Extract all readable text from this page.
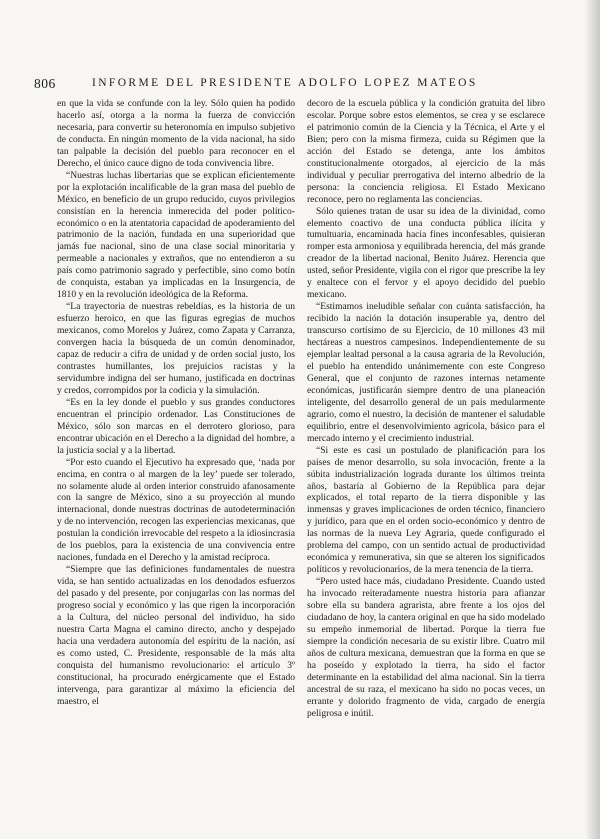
806	INFORME DEL PRESIDENTE ADOLFO LOPEZ MATEOS

en que la vida se confunde con la ley. Sólo quien ha podido hacerlo así, otorga a la norma la fuerza de convicción necesaria, para convertir su heteronomía en impulso subjetivo de conducta. En ningún momento de la vida nacional, ha sido tan palpable la decisión del pueblo para reconocer en el Derecho, el único cauce digno de toda convivencia libre.

“Nuestras luchas libertarias que se explican eficientemente por la explotación incalificable de la gran masa del pueblo de México, en beneficio de un grupo reducido, cuyos privilegios consistían en la herencia inmerecida del poder político-económico o en la atentatoria capacidad de apoderamiento del patrimonio de la nación, fundada en una superioridad que jamás fue nacional, sino de una clase social minoritaria y permeable a nacionales y extraños, que no entendieron a su país como patrimonio sagrado y perfectible, sino como botín de conquista, estaban ya implicadas en la Insurgencia, de 1810 y en la revolución ideológica de la Reforma.

“La trayectoria de nuestras rebeldías, es la historia de un esfuerzo heroico, en que las figuras egregias de muchos mexicanos, como Morelos y Juárez, como Zapata y Carranza, convergen hacia la búsqueda de un común denominador, capaz de reducir a cifra de unidad y de orden social justo, los contrastes humillantes, los prejuicios racistas y la servidumbre indigna del ser humano, justificada en doctrinas y credos, corrompidos por la codicia y la simulación.

“Es en la ley donde el pueblo y sus grandes conductores encuentran el principio ordenador. Las Constituciones de México, sólo son marcas en el derrotero glorioso, para encontrar ubicación en el Derecho a la dignidad del hombre, a la justicia social y a la libertad.

“Por esto cuando el Ejecutivo ha expresado que, ‘nada por encima, en contra o al margen de la ley’ puede ser tolerado, no solamente alude al orden interior construido afanosamente con la sangre de México, sino a su proyección al mundo internacional, donde nuestras doctrinas de autodeterminación y de no intervención, recogen las experiencias mexicanas, que postulan la condición irrevocable del respeto a la idiosincrasia de los pueblos, para la existencia de una convivencia entre naciones, fundada en el Derecho y la amistad recíproca.

“Siempre que las definiciones fundamentales de nuestra vida, se han sentido actualizadas en los denodados esfuerzos del pasado y del presente, por conjugarlas con las normas del progreso social y económico y las que rigen la incorporación a la Cultura, del núcleo personal del individuo, ha sido nuestra Carta Magna el camino directo, ancho y despejado hacia una verdadera autonomía del espíritu de la nación, así es como usted, C. Presidente, responsable de la más alta conquista del humanismo revolucionario: el artículo 3º constitucional, ha procurado enérgicamente que el Estado intervenga, para garantizar al máximo la eficiencia del maestro, el

decoro de la escuela pública y la condición gratuita del libro escolar. Porque sobre estos elementos, se crea y se esclarece el patrimonio común de la Ciencia y la Técnica, el Arte y el Bien; pero con la misma firmeza, cuida su Régimen que la acción del Estado se detenga, ante los ámbitos constitucionalmente otorgados, al ejercicio de la más individual y peculiar prerrogativa del interno albedrío de la persona: la conciencia religiosa. El Estado Mexicano reconoce, pero no reglamenta las conciencias.

Sólo quienes tratan de usar su idea de la divinidad, como elemento coactivo de una conducta pública ilícita y tumultuaria, encaminada hacia fines inconfesables, quisieran romper esta armoniosa y equilibrada herencia, del más grande creador de la libertad nacional, Benito Juárez. Herencia que usted, señor Presidente, vigila con el rigor que prescribe la ley y enaltece con el fervor y el apoyo decidido del pueblo mexicano.

“Estimamos ineludible señalar con cuánta satisfacción, ha recibido la nación la dotación insuperable ya, dentro del transcurso cortísimo de su Ejercicio, de 10 millones 43 mil hectáreas a nuestros campesinos. Independientemente de su ejemplar lealtad personal a la causa agraria de la Revolución, el pueblo ha entendido unánimemente con este Congreso General, que el conjunto de razones internas netamente económicas, justificarán siempre dentro de una planeación inteligente, del desarrollo general de un país medularmente agrario, como el nuestro, la decisión de mantener el saludable equilibrio, entre el desenvolvimiento agrícola, básico para el mercado interno y el crecimiento industrial.

“Si este es casi un postulado de planificación para los países de menor desarrollo, su sola invocación, frente a la súbita industrialización lograda durante los últimos treinta años, bastaría al Gobierno de la República para dejar explicados, el total reparto de la tierra disponible y las inmensas y graves implicaciones de orden técnico, financiero y jurídico, para que en el orden socio-económico y dentro de las normas de la nueva Ley Agraria, quede configurado el problema del campo, con un sentido actual de productividad económica y remunerativa, sin que se alteren los significados políticos y revolucionarios, de la mera tenencia de la tierra.

“Pero usted hace más, ciudadano Presidente. Cuando usted ha invocado reiteradamente nuestra historia para afianzar sobre ella su bandera agrarista, abre frente a los ojos del ciudadano de hoy, la cantera original en que ha sido modelado su empeño inmemorial de libertad. Porque la tierra fue siempre la condición necesaria de su existir libre. Cuatro mil años de cultura mexicana, demuestran que la forma en que se ha poseído y explotado la tierra, ha sido el factor determinante en la estabilidad del alma nacional. Sin la tierra ancestral de su raza, el mexicano ha sido no pocas veces, un errante y dolorido fragmento de vida, cargado de energía peligrosa e inútil.
